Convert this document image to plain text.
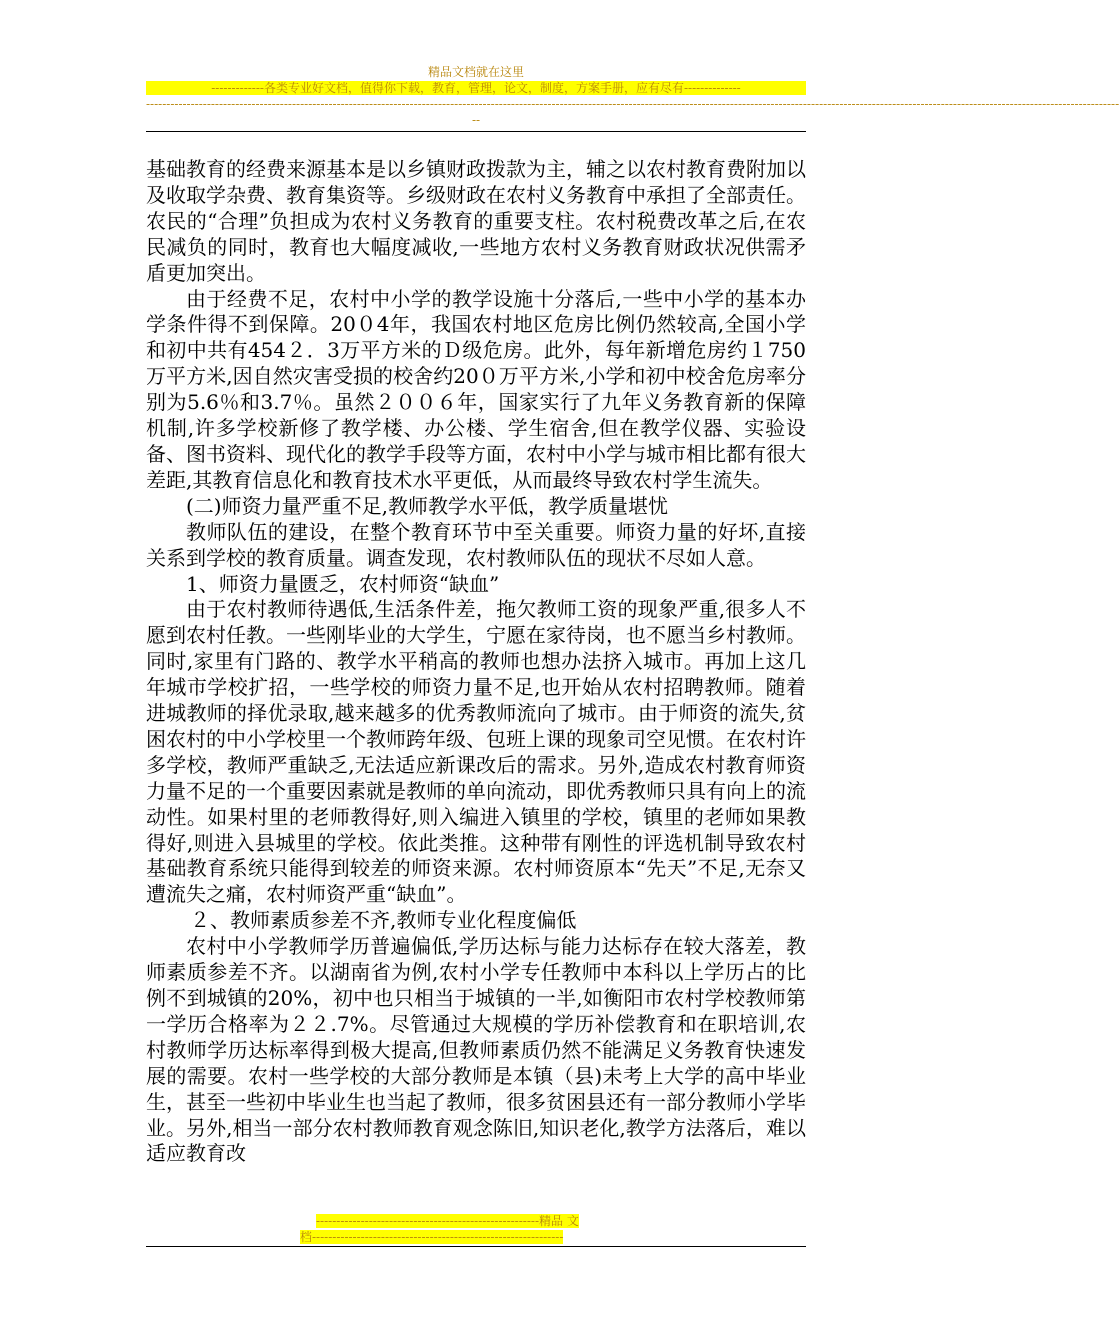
精品文档就在这里
-------------各类专业好文档，值得你下载，教育，管理，论文，制度，方案手册，应有尽有--------------
------------------------------------------------------------------------------------------------------------------------------------------------------------------------------------------------------------------------------------------------
--

基础教育的经费来源基本是以乡镇财政拨款为主，辅之以农村教育费附加以及收取学杂费、教育集资等。乡级财政在农村义务教育中承担了全部责任。农民的“合理”负担成为农村义务教育的重要支柱。农村税费改革之后,在农民减负的同时，教育也大幅度减收,一些地方农村义务教育财政状况供需矛盾更加突出。

由于经费不足，农村中小学的教学设施十分落后,一些中小学的基本办学条件得不到保障。20０4年，我国农村地区危房比例仍然较高,全国小学和初中共有454２．3万平方米的Ｄ级危房。此外，每年新增危房约１750万平方米,因自然灾害受损的校舍约20０万平方米,小学和初中校舍危房率分别为5.6％和3.7％。虽然２００６年，国家实行了九年义务教育新的保障机制,许多学校新修了教学楼、办公楼、学生宿舍,但在教学仪器、实验设备、图书资料、现代化的教学手段等方面，农村中小学与城市相比都有很大差距,其教育信息化和教育技术水平更低，从而最终导致农村学生流失。

(二)师资力量严重不足,教师教学水平低，教学质量堪忧

教师队伍的建设，在整个教育环节中至关重要。师资力量的好坏,直接关系到学校的教育质量。调查发现，农村教师队伍的现状不尽如人意。

1、师资力量匮乏，农村师资“缺血”

由于农村教师待遇低,生活条件差，拖欠教师工资的现象严重,很多人不愿到农村任教。一些刚毕业的大学生，宁愿在家待岗，也不愿当乡村教师。同时,家里有门路的、教学水平稍高的教师也想办法挤入城市。再加上这几年城市学校扩招，一些学校的师资力量不足,也开始从农村招聘教师。随着进城教师的择优录取,越来越多的优秀教师流向了城市。由于师资的流失,贫困农村的中小学校里一个教师跨年级、包班上课的现象司空见惯。在农村许多学校，教师严重缺乏,无法适应新课改后的需求。另外,造成农村教育师资力量不足的一个重要因素就是教师的单向流动，即优秀教师只具有向上的流动性。如果村里的老师教得好,则入编进入镇里的学校，镇里的老师如果教得好,则进入县城里的学校。依此类推。这种带有刚性的评选机制导致农村基础教育系统只能得到较差的师资来源。农村师资原本“先天”不足,无奈又遭流失之痛，农村师资严重“缺血”。

２、教师素质参差不齐,教师专业化程度偏低

农村中小学教师学历普遍偏低,学历达标与能力达标存在较大落差，教师素质参差不齐。以湖南省为例,农村小学专任教师中本科以上学历占的比例不到城镇的20%，初中也只相当于城镇的一半,如衡阳市农村学校教师第一学历合格率为２２.7%。尽管通过大规模的学历补偿教育和在职培训,农村教师学历达标率得到极大提高,但教师素质仍然不能满足义务教育快速发展的需要。农村一些学校的大部分教师是本镇（县)未考上大学的高中毕业生，甚至一些初中毕业生也当起了教师，很多贫困县还有一部分教师小学毕业。另外,相当一部分农村教师教育观念陈旧,知识老化,教学方法落后，难以适应教育改

-------------------------------------------------------精品 文
档--------------------------------------------------------------
